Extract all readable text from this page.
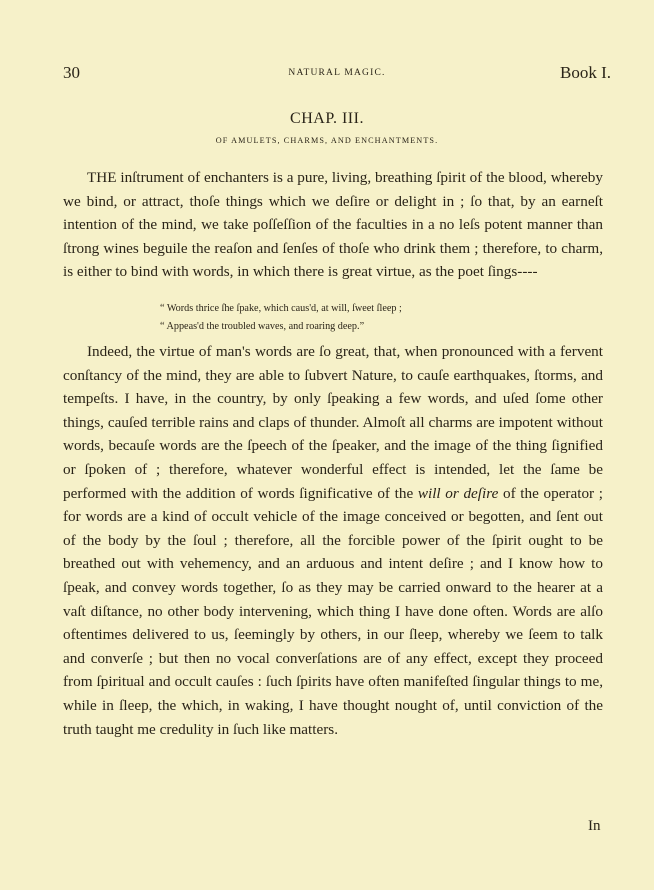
30	NATURAL MAGIC.	Book I.
CHAP. III.
OF AMULETS, CHARMS, AND ENCHANTMENTS.

THE inſtrument of enchanters is a pure, living, breathing ſpirit of the blood, whereby we bind, or attract, thoſe things which we deſire or delight in ; ſo that, by an earneſt intention of the mind, we take poſſeſſion of the faculties in a no leſs potent manner than ſtrong wines beguile the reaſon and ſenſes of thoſe who drink them ; therefore, to charm, is either to bind with words, in which there is great virtue, as the poet ſings----

“ Words thrice ſhe ſpake, which caus'd, at will, ſweet ſleep ;
“ Appeas'd the troubled waves, and roaring deep.”

Indeed, the virtue of man's words are ſo great, that, when pronounced with a fervent conſtancy of the mind, they are able to ſubvert Nature, to cauſe earthquakes, ſtorms, and tempeſts. I have, in the country, by only ſpeaking a few words, and uſed ſome other things, cauſed terrible rains and claps of thunder. Almoſt all charms are impotent without words, becauſe words are the ſpeech of the ſpeaker, and the image of the thing ſignified or ſpoken of ; therefore, whatever wonderful effect is intended, let the ſame be performed with the addition of words ſignificative of the will or deſire of the operator ; for words are a kind of occult vehicle of the image conceived or begotten, and ſent out of the body by the ſoul ; therefore, all the forcible power of the ſpirit ought to be breathed out with vehemency, and an arduous and intent deſire ; and I know how to ſpeak, and convey words together, ſo as they may be carried onward to the hearer at a vaſt diſtance, no other body intervening, which thing I have done often. Words are alſo oftentimes delivered to us, ſeemingly by others, in our ſleep, whereby we ſeem to talk and converſe ; but then no vocal converſations are of any effect, except they proceed from ſpiritual and occult cauſes : ſuch ſpirits have often manifeſted ſingular things to me, while in ſleep, the which, in waking, I have thought nought of, until conviction of the truth taught me credulity in ſuch like matters.

In
